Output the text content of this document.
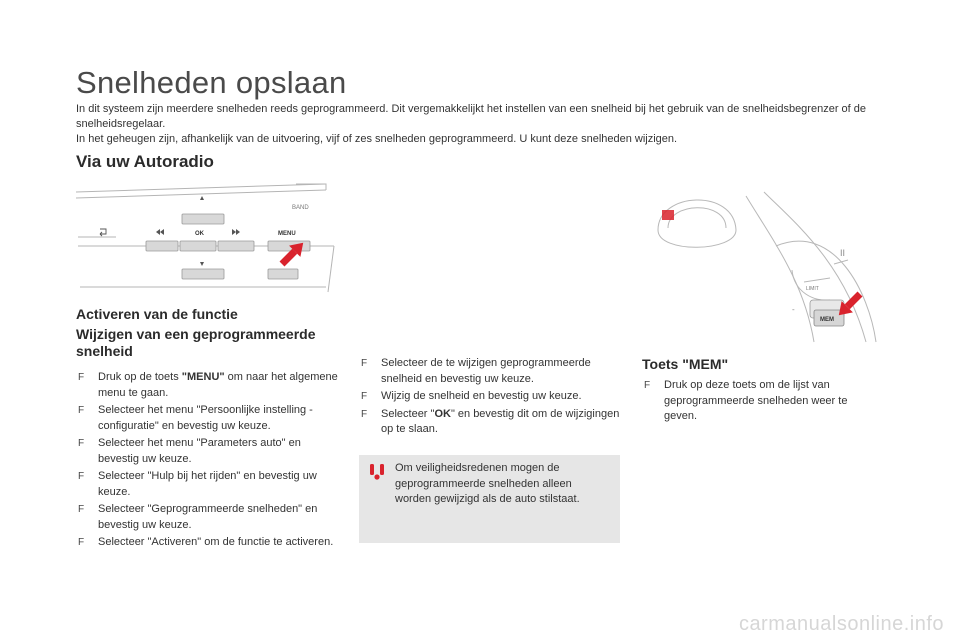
Snelheden opslaan

In dit systeem zijn meerdere snelheden reeds geprogrammeerd. Dit vergemakkelijkt het instellen van een snelheid bij het gebruik van de snelheidsbegrenzer of de snelheidsregelaar.

In het geheugen zijn, afhankelijk van de uitvoering, vijf of zes snelheden geprogrammeerd. U kunt deze snelheden wijzigen.

Via uw Autoradio
BAND
OK	MENU
II
LIMIT
MEM
-
Activeren van de functie
Wijzigen van een geprogrammeerde snelheid
F Druk op de toets "MENU" om naar het algemene menu te gaan.
F Selecteer het menu "Persoonlijke instelling - configuratie" en bevestig uw keuze.
F Selecteer het menu "Parameters auto" en bevestig uw keuze.
F Selecteer "Hulp bij het rijden" en bevestig uw keuze.
F Selecteer "Geprogrammeerde snelheden" en bevestig uw keuze.
F Selecteer "Activeren" om de functie te activeren.
F Selecteer de te wijzigen geprogrammeerde snelheid en bevestig uw keuze.
F Wijzig de snelheid en bevestig uw keuze.
F Selecteer "OK" en bevestig dit om de wijzigingen op te slaan.
Om veiligheidsredenen mogen de geprogrammeerde snelheden alleen worden gewijzigd als de auto stilstaat.
Toets "MEM"
F Druk op deze toets om de lijst van geprogrammeerde snelheden weer te geven.
carmanualsonline.info
